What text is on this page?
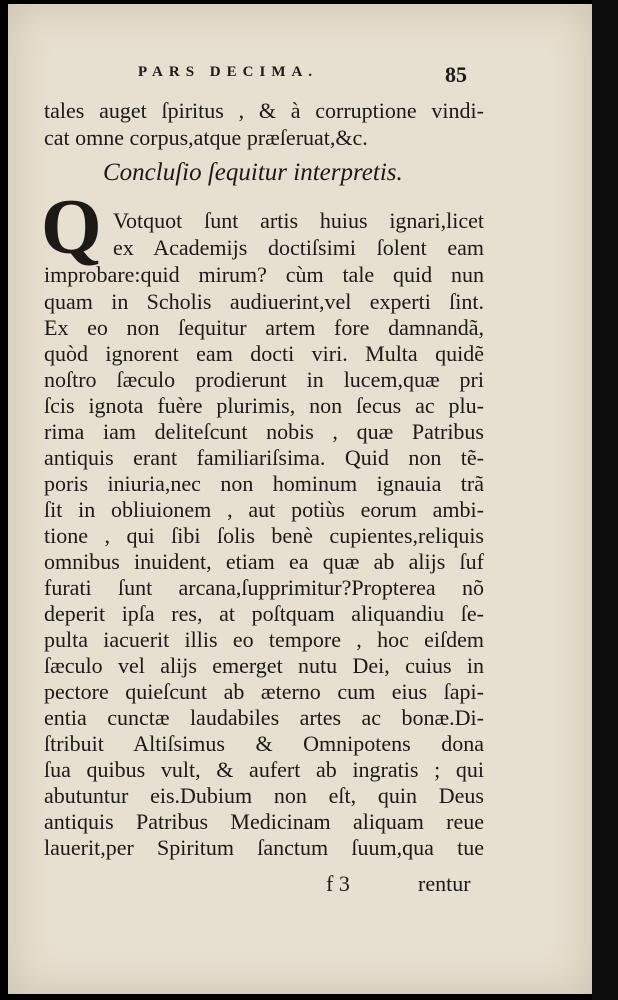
PARS DECIMA.	85
tales auget ſpiritus , & à corruptione vindi-
cat omne corpus,atque præſeruat,&c.
Concluſio ſequitur interpretis.
Q Votquot ſunt artis huius ignari,licet
ex Academijs doctiſsimi ſolent eam
improbare:quid mirum? cùm tale quid nun
quam in Scholis audiuerint,vel experti ſint.
Ex eo non ſequitur artem fore damnandã,
quòd ignorent eam docti viri. Multa quidẽ
noſtro ſæculo prodierunt in lucem,quæ pri
ſcis ignota fuère plurimis, non ſecus ac plu-
rima iam deliteſcunt nobis , quæ Patribus
antiquis erant familiariſsima. Quid non tẽ-
poris iniuria,nec non hominum ignauia trã
ſit in obliuionem , aut potiùs eorum ambi-
tione , qui ſibi ſolis benè cupientes,reliquis
omnibus inuident, etiam ea quæ ab alijs ſuf
furati ſunt arcana,ſupprimitur?Propterea nõ
deperit ipſa res, at poſtquam aliquandiu ſe-
pulta iacuerit illis eo tempore , hoc eiſdem
ſæculo vel alijs emerget nutu Dei, cuius in
pectore quieſcunt ab æterno cum eius ſapi-
entia cunctæ laudabiles artes ac bonæ.Di-
ſtribuit Altiſsimus & Omnipotens dona
ſua quibus vult, & aufert ab ingratis ; qui
abutuntur eis.Dubium non eſt, quin Deus
antiquis Patribus Medicinam aliquam reue
lauerit,per Spiritum ſanctum ſuum,qua tue
f 3	rentur
